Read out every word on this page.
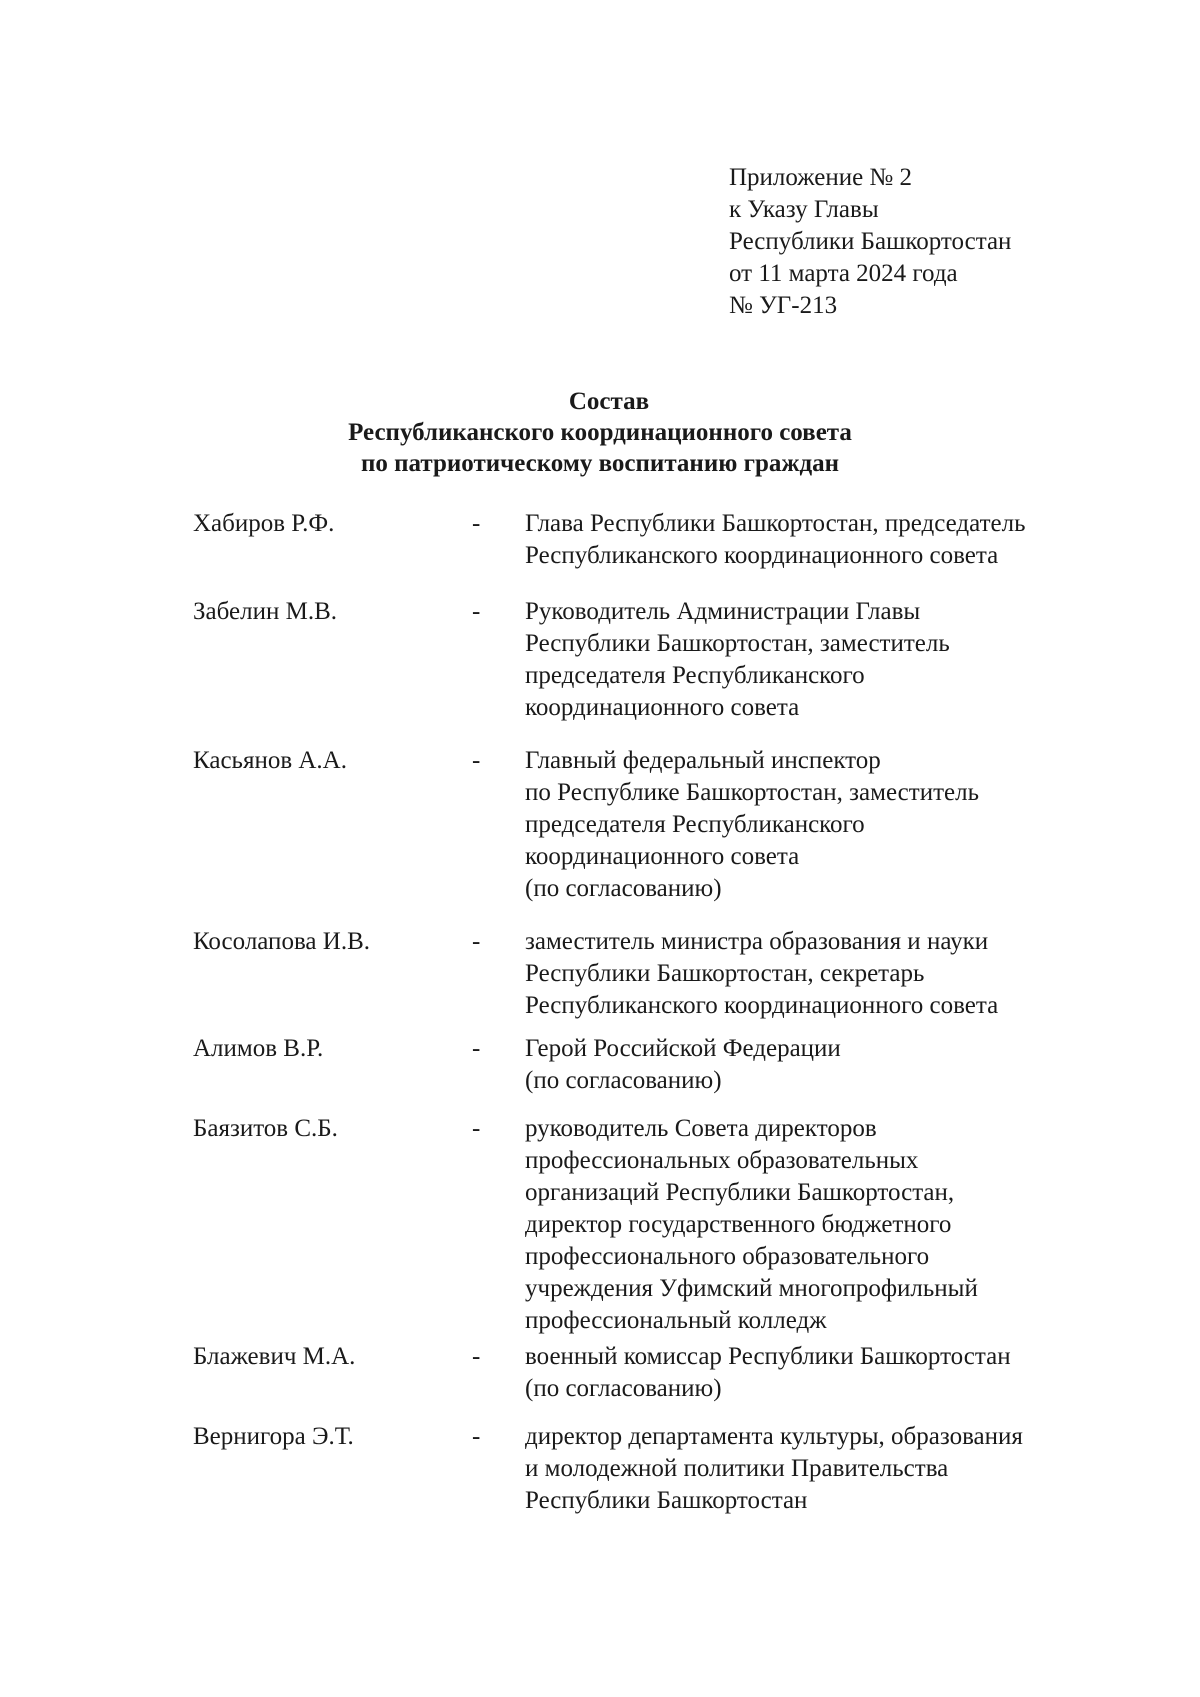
Приложение № 2
к Указу Главы
Республики Башкортостан
от 11 марта 2024 года
№ УГ-213
Состав
Республиканского координационного совета
по патриотическому воспитанию граждан
Хабиров Р.Ф.	- Глава Республики Башкортостан, председатель
Республиканского координационного совета
Забелин М.В.	- Руководитель Администрации Главы
Республики Башкортостан, заместитель
председателя Республиканского
координационного совета
Касьянов А.А.	- Главный федеральный инспектор
по Республике Башкортостан, заместитель
председателя Республиканского
координационного совета
(по согласованию)
Косолапова И.В.	- заместитель министра образования и науки
Республики Башкортостан, секретарь
Республиканского координационного совета
Алимов В.Р.	- Герой Российской Федерации
(по согласованию)
Баязитов С.Б.	- руководитель Совета директоров
профессиональных образовательных
организаций Республики Башкортостан,
директор государственного бюджетного
профессионального образовательного
учреждения Уфимский многопрофильный
профессиональный колледж
Блажевич М.А.	- военный комиссар Республики Башкортостан
(по согласованию)
Вернигора Э.Т.	- директор департамента культуры, образования
и молодежной политики Правительства
Республики Башкортостан
